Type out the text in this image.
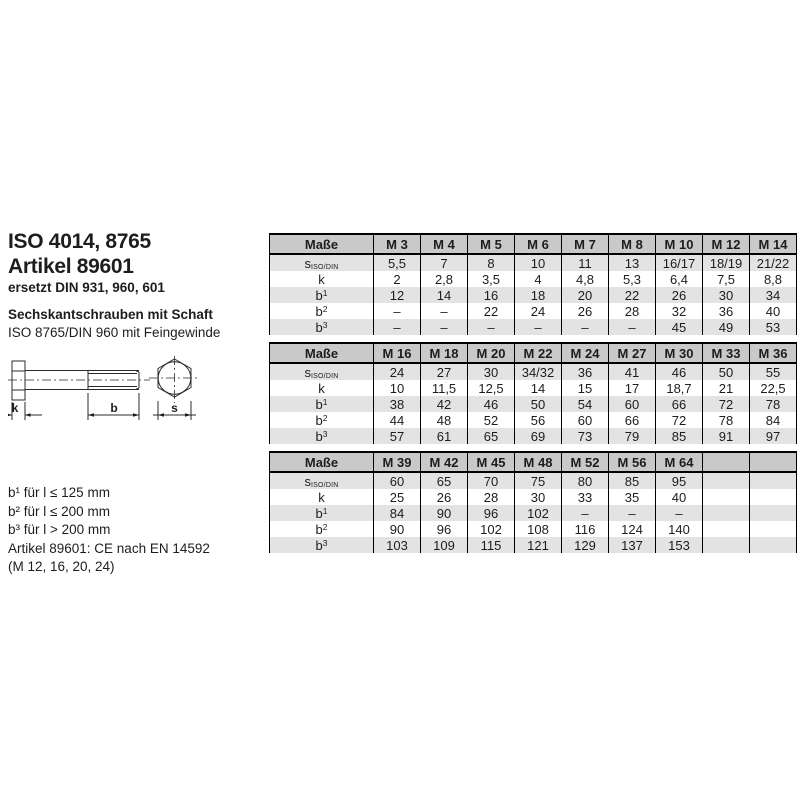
ISO 4014, 8765
Artikel 89601
ersetzt DIN 931, 960, 601
Sechskantschrauben mit Schaft
ISO 8765/DIN 960 mit Feingewinde
k	b	s
b¹ für l ≤ 125 mm
b² für l ≤ 200 mm
b³ für l > 200 mm
Artikel 89601: CE nach EN 14592
(M 12, 16, 20, 24)
Maße	M 3	M 4	M 5	M 6	M 7	M 8	M 10	M 12	M 14
$s_{ISO/DIN}$	5,5	7	8	10	11	13	16/17	18/19	21/22
k	2	2,8	3,5	4	4,8	5,3	6,4	7,5	8,8
$b^1$	12	14	16	18	20	22	26	30	34
$b^2$	–	–	22	24	26	28	32	36	40
$b^3$	–	–	–	–	–	–	45	49	53
Maße	M 16	M 18	M 20	M 22	M 24	M 27	M 30	M 33	M 36
$s_{ISO/DIN}$	24	27	30	34/32	36	41	46	50	55
k	10	11,5	12,5	14	15	17	18,7	21	22,5
$b^1$	38	42	46	50	54	60	66	72	78
$b^2$	44	48	52	56	60	66	72	78	84
$b^3$	57	61	65	69	73	79	85	91	97
Maße	M 39	M 42	M 45	M 48	M 52	M 56	M 64		
$s_{ISO/DIN}$	60	65	70	75	80	85	95		
k	25	26	28	30	33	35	40		
$b^1$	84	90	96	102	–	–	–		
$b^2$	90	96	102	108	116	124	140		
$b^3$	103	109	115	121	129	137	153		
